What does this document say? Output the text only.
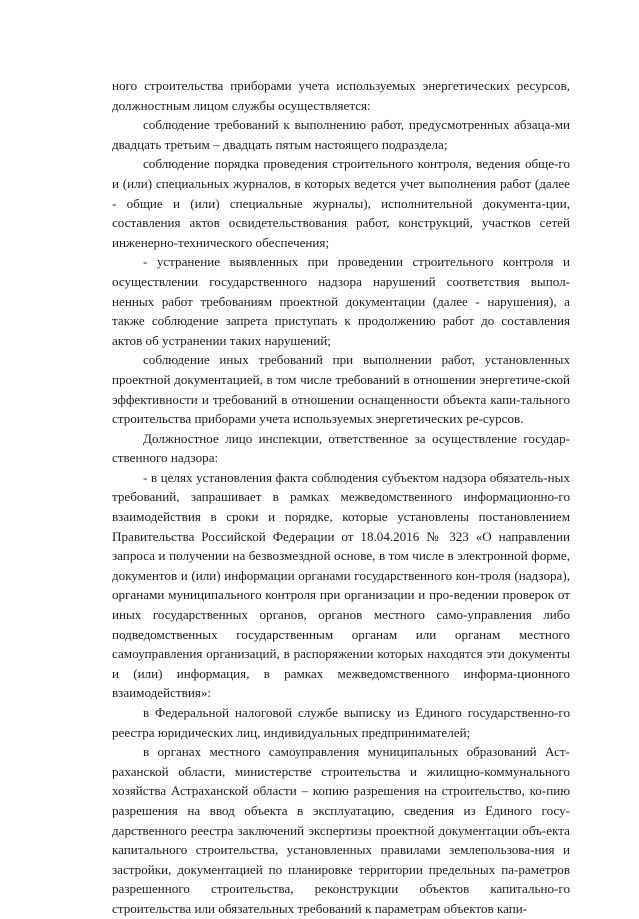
ного строительства приборами учета используемых энергетических ресурсов, должностным лицом службы осуществляется:

соблюдение требований к выполнению работ, предусмотренных абзаца-ми двадцать третьим – двадцать пятым настоящего подраздела;

соблюдение порядка проведения строительного контроля, ведения обще-го и (или) специальных журналов, в которых ведется учет выполнения работ (далее - общие и (или) специальные журналы), исполнительной документа-ции, составления актов освидетельствования работ, конструкций, участков сетей инженерно-технического обеспечения;

- устранение выявленных при проведении строительного контроля и осуществлении государственного надзора нарушений соответствия выпол-ненных работ требованиям проектной документации (далее - нарушения), а также соблюдение запрета приступать к продолжению работ до составления актов об устранении таких нарушений;

соблюдение иных требований при выполнении работ, установленных проектной документацией, в том числе требований в отношении энергетиче-ской эффективности и требований в отношении оснащенности объекта капи-тального строительства приборами учета используемых энергетических ре-сурсов.

Должностное лицо инспекции, ответственное за осуществление государ-ственного надзора:

- в целях установления факта соблюдения субъектом надзора обязатель-ных требований, запрашивает в рамках межведомственного информационно-го взаимодействия в сроки и порядке, которые установлены постановлением Правительства Российской Федерации от 18.04.2016 № 323 «О направлении запроса и получении на безвозмездной основе, в том числе в электронной форме, документов и (или) информации органами государственного кон-троля (надзора), органами муниципального контроля при организации и про-ведении проверок от иных государственных органов, органов местного само-управления либо подведомственных государственным органам или органам местного самоуправления организаций, в распоряжении которых находятся эти документы и (или) информация, в рамках межведомственного информа-ционного взаимодействия»:

в Федеральной налоговой службе выписку из Единого государственно-го реестра юридических лиц, индивидуальных предпринимателей;

в органах местного самоуправления муниципальных образований Аст-раханской области, министерстве строительства и жилищно-коммунального хозяйства Астраханской области – копию разрешения на строительство, ко-пию разрешения на ввод объекта в эксплуатацию, сведения из Единого госу-дарственного реестра заключений экспертизы проектной документации объ-екта капитального строительства, установленных правилами землепользова-ния и застройки, документацией по планировке территории предельных па-раметров разрешенного строительства, реконструкции объектов капитально-го строительства или обязательных требований к параметрам объектов капи-
